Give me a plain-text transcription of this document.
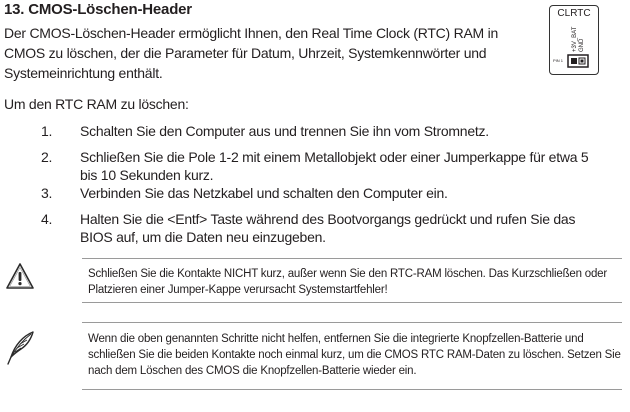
13. CMOS-Löschen-Header
Der CMOS-Löschen-Header ermöglicht Ihnen, den Real Time Clock (RTC) RAM in CMOS zu löschen, der die Parameter für Datum, Uhrzeit, Systemkennwörter und Systemeinrichtung enthält.
CLRTC
+3V_BAT GND
PIN 1
Um den RTC RAM zu löschen:
1. Schalten Sie den Computer aus und trennen Sie ihn vom Stromnetz.
2. Schließen Sie die Pole 1-2 mit einem Metallobjekt oder einer Jumperkappe für etwa 5 bis 10 Sekunden kurz.
3. Verbinden Sie das Netzkabel und schalten den Computer ein.
4. Halten Sie die <Entf> Taste während des Bootvorgangs gedrückt und rufen Sie das BIOS auf, um die Daten neu einzugeben.
Schließen Sie die Kontakte NICHT kurz, außer wenn Sie den RTC-RAM löschen. Das Kurzschließen oder Platzieren einer Jumper-Kappe verursacht Systemstartfehler!
Wenn die oben genannten Schritte nicht helfen, entfernen Sie die integrierte Knopfzellen-Batterie und schließen Sie die beiden Kontakte noch einmal kurz, um die CMOS RTC RAM-Daten zu löschen. Setzen Sie nach dem Löschen des CMOS die Knopfzellen-Batterie wieder ein.
